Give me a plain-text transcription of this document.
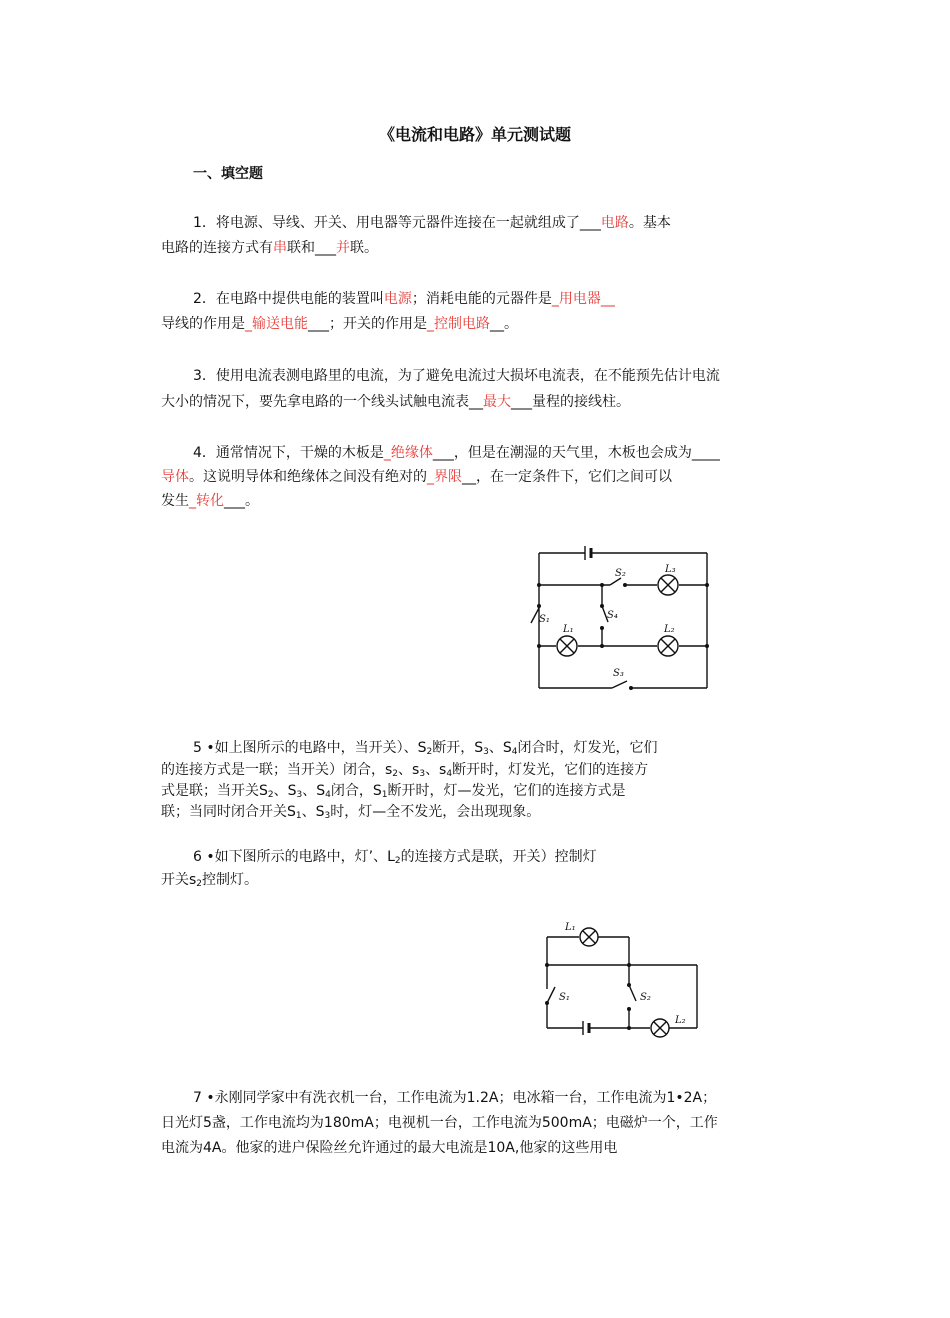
《电流和电路》单元测试题
一、填空题
1．将电源、导线、开关、用电器等元器件连接在一起就组成了___电路。基本
电路的连接方式有串联和___并联。
2．在电路中提供电能的装置叫电源；消耗电能的元器件是_用电器__
导线的作用是_输送电能___；开关的作用是_控制电路__。
3．使用电流表测电路里的电流，为了避免电流过大损坏电流表，在不能预先估计电流
大小的情况下，要先拿电路的一个线头试触电流表__最大___量程的接线柱。
4．通常情况下，干燥的木板是_绝缘体___，但是在潮湿的天气里，木板也会成为____
导体。这说明导体和绝缘体之间没有绝对的_界限__，在一定条件下，它们之间可以
发生_转化___。
S₂	L₃
S₁	S₄
L₁	L₂
S₃
5 •如上图所示的电路中，当开关）、$S_2$断开，$S_3$、$S_4$闭合时，灯发光，它们
的连接方式是一联；当开关）闭合，$s_2$、$s_3$、$s_4$断开时，灯发光，它们的连接方
式是联；当开关$S_2$、$S_3$、$S_4$闭合，$S_1$断开时，灯—发光，它们的连接方式是
联；当同时闭合开关$S_1$、$S_3$时，灯—全不发光，会出现现象。
6 •如下图所示的电路中，灯’、$L_2$的连接方式是联，开关）控制灯
开关$s_2$控制灯。
L₁
S₁	S₂
L₂
7 •永刚同学家中有洗衣机一台，工作电流为1.2A；电冰箱一台，工作电流为1•2A；
日光灯5盏，工作电流均为180mA；电视机一台，工作电流为500mA；电磁炉一个，工作
电流为4A。他家的进户保险丝允许通过的最大电流是10A,他家的这些用电
